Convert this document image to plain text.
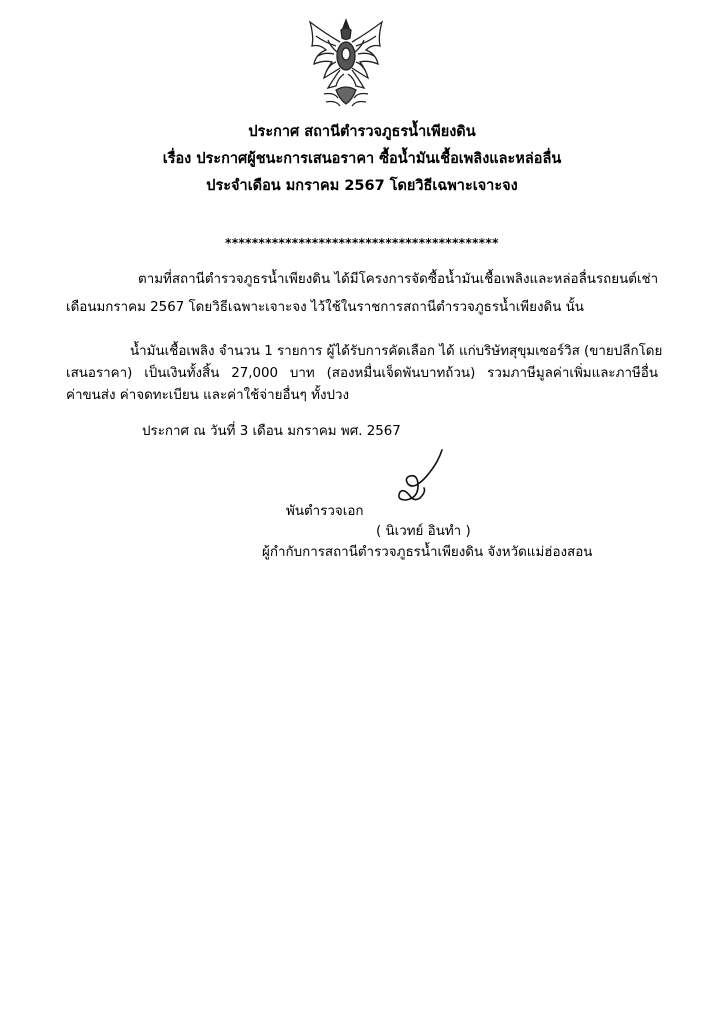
ประกาศ สถานีตำรวจภูธรน้ำเพียงดิน
เรื่อง ประกาศผู้ชนะการเสนอราคา ซื้อน้ำมันเชื้อเพลิงและหล่อลื่น
ประจำเดือน มกราคม 2567 โดยวิธีเฉพาะเจาะจง
*****************************************
ตามที่สถานีตำรวจภูธรน้ำเพียงดิน ได้มีโครงการจัดซื้อน้ำมันเชื้อเพลิงและหล่อลื่นรถยนต์เช่า
เดือนมกราคม 2567 โดยวิธีเฉพาะเจาะจง ไว้ใช้ในราชการสถานีตำรวจภูธรน้ำเพียงดิน นั้น
น้ำมันเชื้อเพลิง จำนวน 1 รายการ ผู้ได้รับการคัดเลือก ได้ แก่บริษัทสุขุมเซอร์วิส (ขายปลีกโดย
เสนอราคา) เป็นเงินทั้งสิ้น 27,000 บาท (สองหมื่นเจ็ดพันบาทถ้วน) รวมภาษีมูลค่าเพิ่มและภาษีอื่น
ค่าขนส่ง ค่าจดทะเบียน และค่าใช้จ่ายอื่นๆ ทั้งปวง
ประกาศ ณ วันที่ 3 เดือน มกราคม พศ. 2567
พันตำรวจเอก
( นิเวทย์ อินทำ )
ผู้กำกับการสถานีตำรวจภูธรน้ำเพียงดิน จังหวัดแม่ฮ่องสอน
